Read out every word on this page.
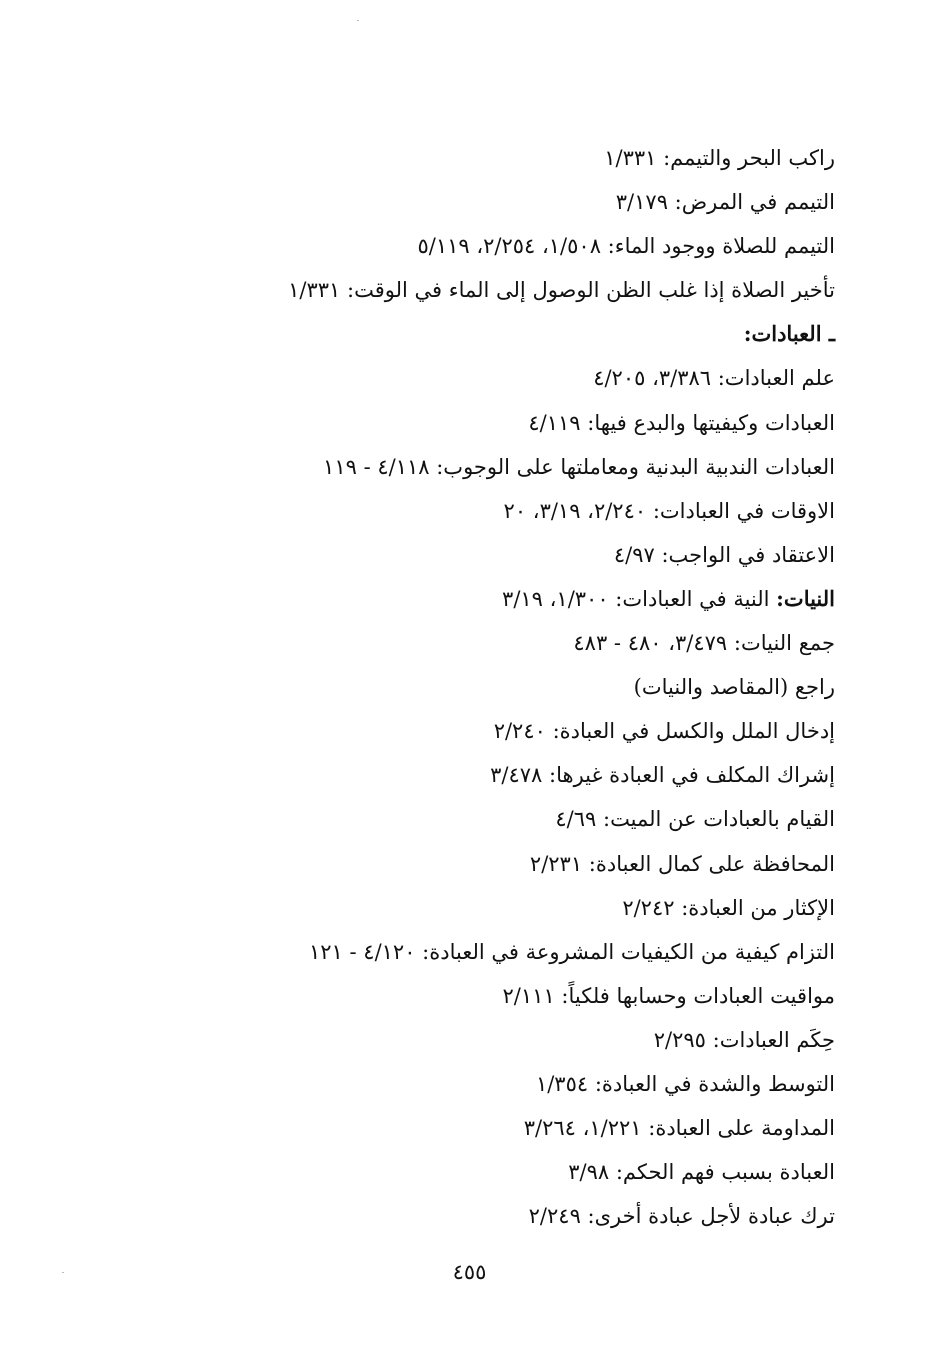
راكب البحر والتيمم: ١/٣٣١
التيمم في المرض: ٣/١٧٩
التيمم للصلاة ووجود الماء: ١/٥٠٨، ٢/٢٥٤، ٥/١١٩
تأخير الصلاة إذا غلب الظن الوصول إلى الماء في الوقت: ١/٣٣١
ـ العبادات:
علم العبادات: ٣/٣٨٦، ٤/٢٠٥
العبادات وكيفيتها والبدع فيها: ٤/١١٩
العبادات الندبية البدنية ومعاملتها على الوجوب: ٤/١١٨ - ١١٩
الاوقات في العبادات: ٢/٢٤٠، ٣/١٩، ٢٠
الاعتقاد في الواجب: ٤/٩٧
النيات: النية في العبادات: ١/٣٠٠، ٣/١٩
جمع النيات: ٣/٤٧٩، ٤٨٠ - ٤٨٣
راجع (المقاصد والنيات)
إدخال الملل والكسل في العبادة: ٢/٢٤٠
إشراك المكلف في العبادة غيرها: ٣/٤٧٨
القيام بالعبادات عن الميت: ٤/٦٩
المحافظة على كمال العبادة: ٢/٢٣١
الإكثار من العبادة: ٢/٢٤٢
التزام كيفية من الكيفيات المشروعة في العبادة: ٤/١٢٠ - ١٢١
مواقيت العبادات وحسابها فلكياً: ٢/١١١
حِكَم العبادات: ٢/٢٩٥
التوسط والشدة في العبادة: ١/٣٥٤
المداومة على العبادة: ١/٢٢١، ٣/٢٦٤
العبادة بسبب فهم الحكم: ٣/٩٨
ترك عبادة لأجل عبادة أخرى: ٢/٢٤٩
٤٥٥
